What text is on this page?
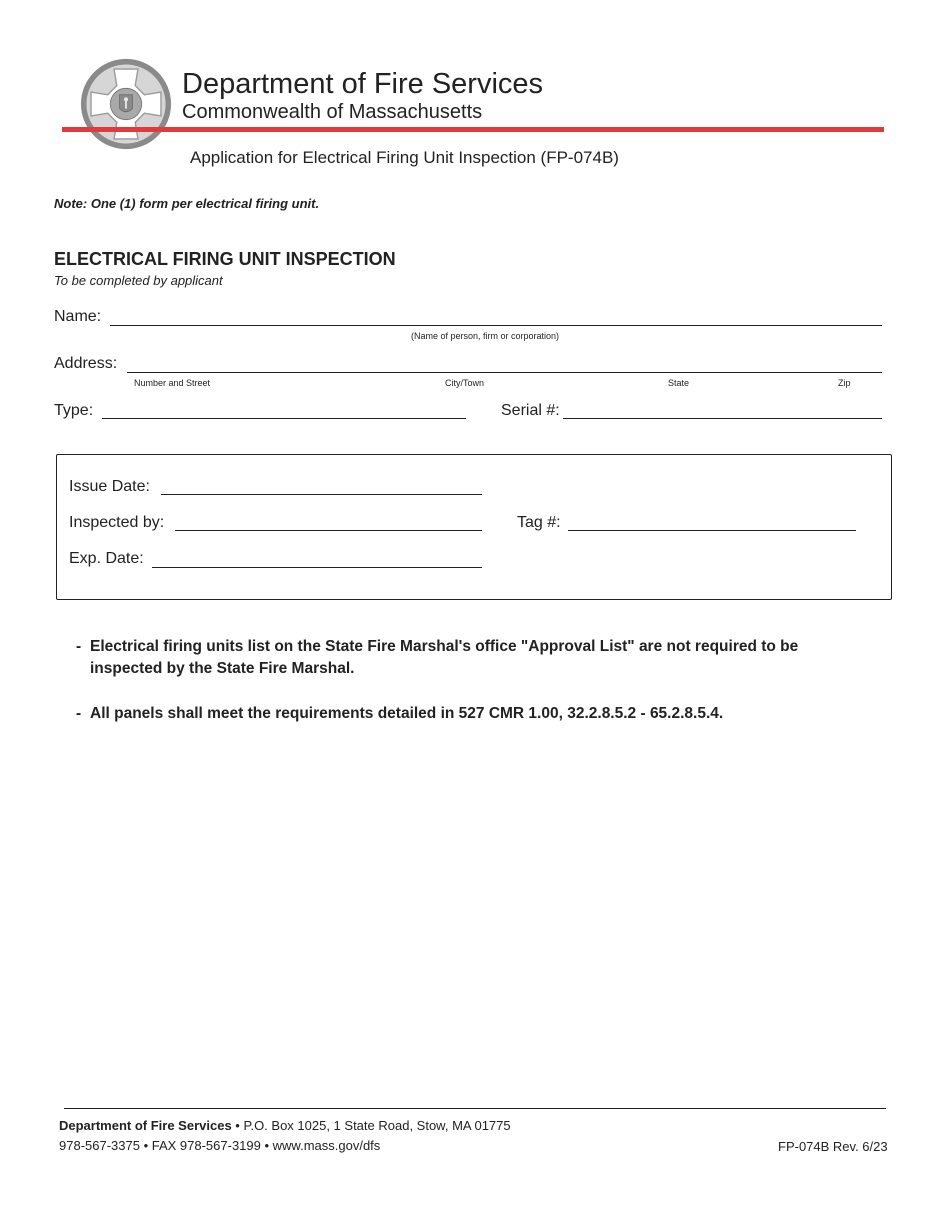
Department of Fire Services
Commonwealth of Massachusetts
Application for Electrical Firing Unit Inspection (FP-074B)
Note: One (1) form per electrical firing unit.
ELECTRICAL FIRING UNIT INSPECTION
To be completed by applicant
Name:
(Name of person, firm or corporation)
Address:
Number and Street	City/Town	State	Zip
Type:	Serial #:
Issue Date:
Inspected by:	Tag #:
Exp. Date:
- Electrical firing units list on the State Fire Marshal's office "Approval List" are not required to be
inspected by the State Fire Marshal.
- All panels shall meet the requirements detailed in 527 CMR 1.00, 32.2.8.5.2 - 65.2.8.5.4.
Department of Fire Services • P.O. Box 1025, 1 State Road, Stow, MA 01775
978-567-3375 • FAX 978-567-3199 • www.mass.gov/dfs	FP-074B Rev. 6/23
